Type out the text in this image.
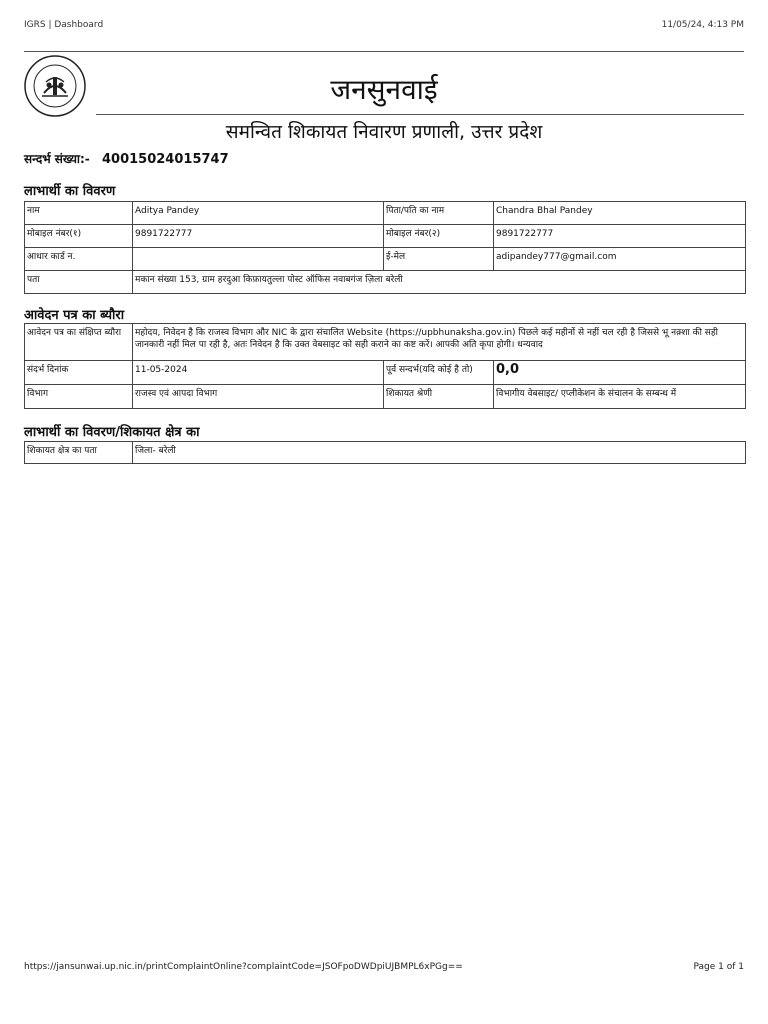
IGRS | Dashboard	11/05/24, 4:13 PM
जनसुनवाई
समन्वित शिकायत निवारण प्रणाली, उत्तर प्रदेश
सन्दर्भ संख्या:- 40015024015747
लाभार्थी का विवरण
नाम	Aditya Pandey	पिता/पति का नाम	Chandra Bhal Pandey
मोबाइल नंबर(१)	9891722777	मोबाइल नंबर(२)	9891722777
आधार कार्ड न.		ई-मेल	adipandey777@gmail.com
पता	मकान संख्या 153, ग्राम हरदुआ किफ़ायतुल्ला पोस्ट ऑफिस नवाबगंज ज़िला बरेली		
आवेदन पत्र का ब्यौरा
आवेदन पत्र का संक्षिप्त ब्यौरा	महोदय, निवेदन है कि राजस्व विभाग और NIC के द्वारा संचालित Website (https://upbhunaksha.gov.in) पिछले कई महीनों से नहीं चल रही है जिससे भू नक़्शा की सही जानकारी नहीं मिल पा रही है, अतः निवेदन है कि उक्त वेबसाइट को सही कराने का कष्ट करें। आपकी अति कृपा होगी। धन्यवाद		
संदर्भ दिनांक	11-05-2024	पूर्व सन्दर्भ(यदि कोई है तो)	0,0
विभाग	राजस्व एवं आपदा विभाग	शिकायत श्रेणी	विभागीय वेबसाइट/ एप्लीकेशन के संचालन के सम्बन्ध में
लाभार्थी का विवरण/शिकायत क्षेत्र का
शिकायत क्षेत्र का पता	जिला- बरेली
https://jansunwai.up.nic.in/printComplaintOnline?complaintCode=JSOFpoDWDpiUJBMPL6xPGg==	Page 1 of 1
